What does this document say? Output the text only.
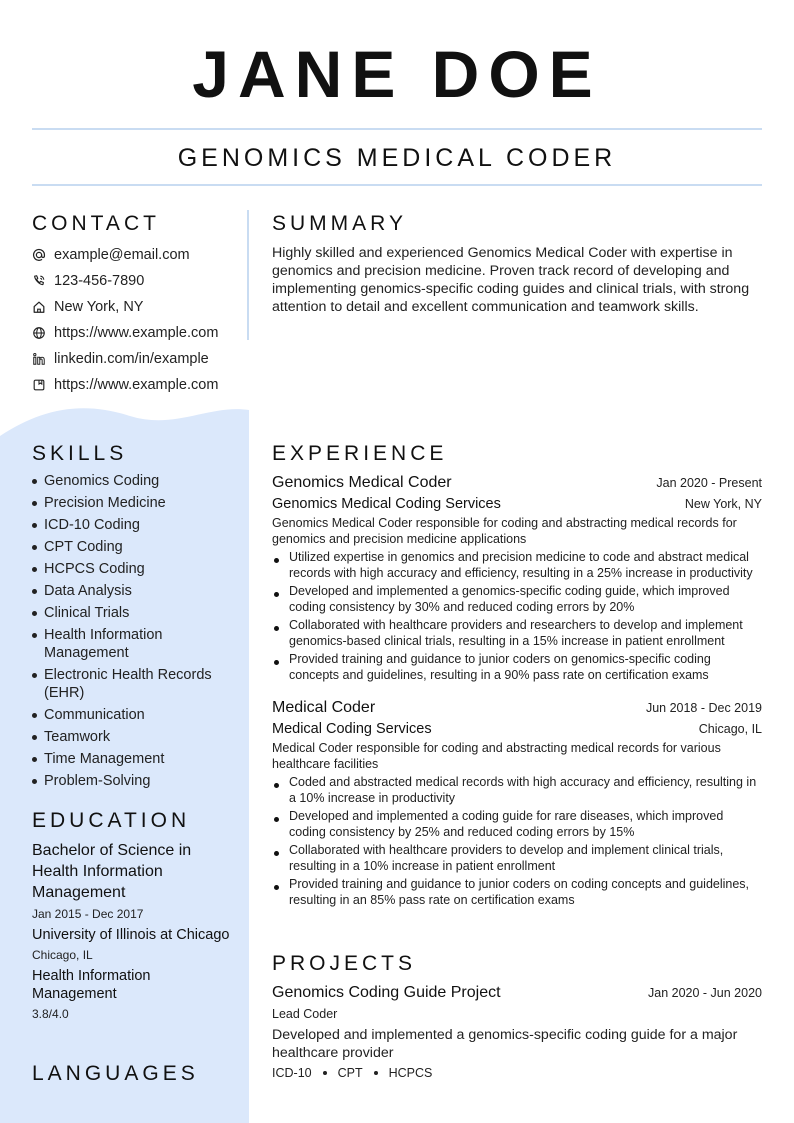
JANE DOE
GENOMICS MEDICAL CODER
CONTACT
example@email.com
123-456-7890
New York, NY
https://www.example.com
linkedin.com/in/example
https://www.example.com
SKILLS
Genomics Coding
Precision Medicine
ICD-10 Coding
CPT Coding
HCPCS Coding
Data Analysis
Clinical Trials
Health Information Management
Electronic Health Records (EHR)
Communication
Teamwork
Time Management
Problem-Solving
EDUCATION
Bachelor of Science in Health Information Management
Jan 2015 - Dec 2017
University of Illinois at Chicago
Chicago, IL
Health Information Management
3.8/4.0
LANGUAGES
SUMMARY
Highly skilled and experienced Genomics Medical Coder with expertise in genomics and precision medicine. Proven track record of developing and implementing genomics-specific coding guides and clinical trials, with strong attention to detail and excellent communication and teamwork skills.
EXPERIENCE
Genomics Medical Coder	Jan 2020 - Present
Genomics Medical Coding Services	New York, NY
Genomics Medical Coder responsible for coding and abstracting medical records for genomics and precision medicine applications
Utilized expertise in genomics and precision medicine to code and abstract medical records with high accuracy and efficiency, resulting in a 25% increase in productivity
Developed and implemented a genomics-specific coding guide, which improved coding consistency by 30% and reduced coding errors by 20%
Collaborated with healthcare providers and researchers to develop and implement genomics-based clinical trials, resulting in a 15% increase in patient enrollment
Provided training and guidance to junior coders on genomics-specific coding concepts and guidelines, resulting in a 90% pass rate on certification exams
Medical Coder	Jun 2018 - Dec 2019
Medical Coding Services	Chicago, IL
Medical Coder responsible for coding and abstracting medical records for various healthcare facilities
Coded and abstracted medical records with high accuracy and efficiency, resulting in a 10% increase in productivity
Developed and implemented a coding guide for rare diseases, which improved coding consistency by 25% and reduced coding errors by 15%
Collaborated with healthcare providers to develop and implement clinical trials, resulting in a 10% increase in patient enrollment
Provided training and guidance to junior coders on coding concepts and guidelines, resulting in an 85% pass rate on certification exams
PROJECTS
Genomics Coding Guide Project	Jan 2020 - Jun 2020
Lead Coder
Developed and implemented a genomics-specific coding guide for a major healthcare provider
ICD-10 CPT HCPCS
